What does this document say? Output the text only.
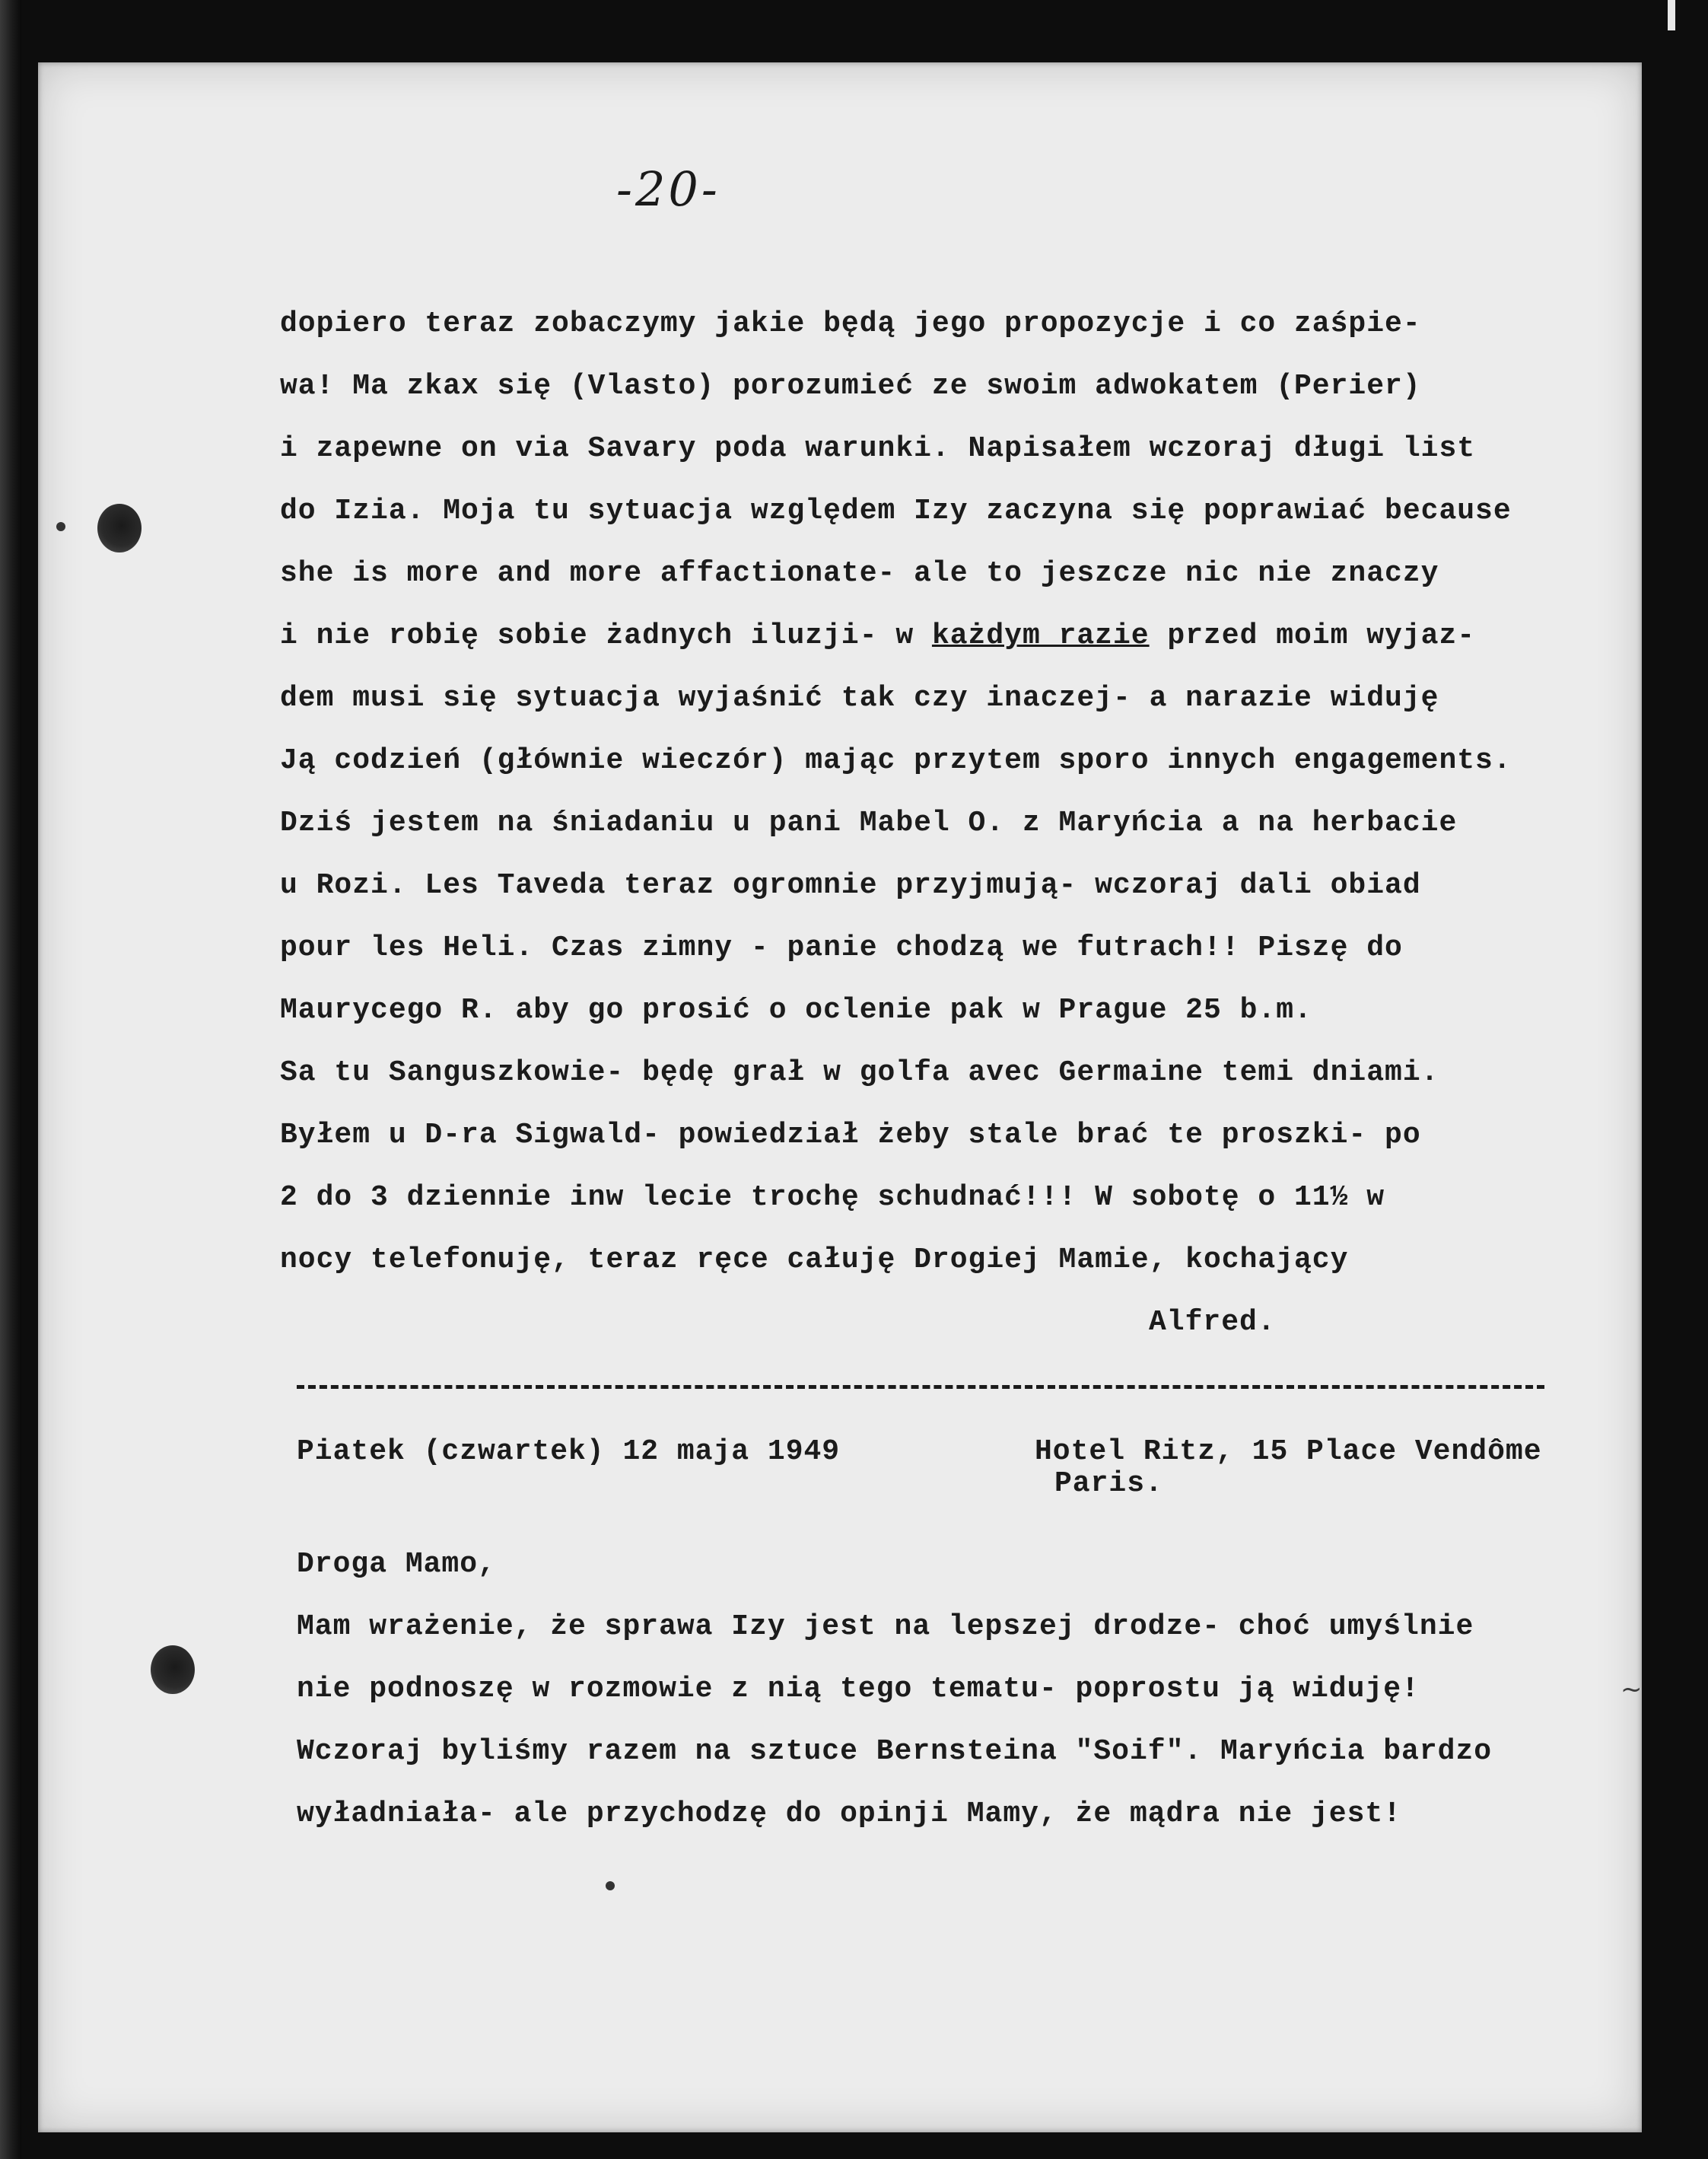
-20-
dopiero teraz zobaczymy jakie będą jego propozycje i co zaśpie-
wa! Ma zkax się (Vlasto) porozumieć ze swoim adwokatem (Perier)
i zapewne on via Savary poda warunki. Napisałem wczoraj długi list
do Izia. Moja tu sytuacja względem Izy zaczyna się poprawiać because
she is more and more affactionate- ale to jeszcze nic nie znaczy
i nie robię sobie żadnych iluzji- w każdym razie przed moim wyjaz-
dem musi się sytuacja wyjaśnić tak czy inaczej- a narazie widuję
Ją codzień (głównie wieczór) mając przytem sporo innych engagements.
Dziś jestem na śniadaniu u pani Mabel O. z Maryńcia a na herbacie
u Rozi. Les Taveda teraz ogromnie przyjmują- wczoraj dali obiad
pour les Heli. Czas zimny - panie chodzą we futrach!! Piszę do
Maurycego R. aby go prosić o oclenie pak w Prague 25 b.m.
Sa tu Sanguszkowie- będę grał w golfa avec Germaine temi dniami.
Byłem u D-ra Sigwald- powiedział żeby stale brać te proszki- po
2 do 3 dziennie inw lecie trochę schudnać!!! W sobotę o 11½ w
nocy telefonuję, teraz ręce całuję Drogiej Mamie, kochający
Alfred.
Piatek (czwartek) 12 maja 1949	Hotel Ritz, 15 Place Vendôme
Paris.
Droga Mamo,
Mam wrażenie, że sprawa Izy jest na lepszej drodze- choć umyślnie
nie podnoszę w rozmowie z nią tego tematu- poprostu ją widuję!
Wczoraj byliśmy razem na sztuce Bernsteina "Soif". Maryńcia bardzo
wyładniała- ale przychodzę do opinji Mamy, że mądra nie jest!
~
